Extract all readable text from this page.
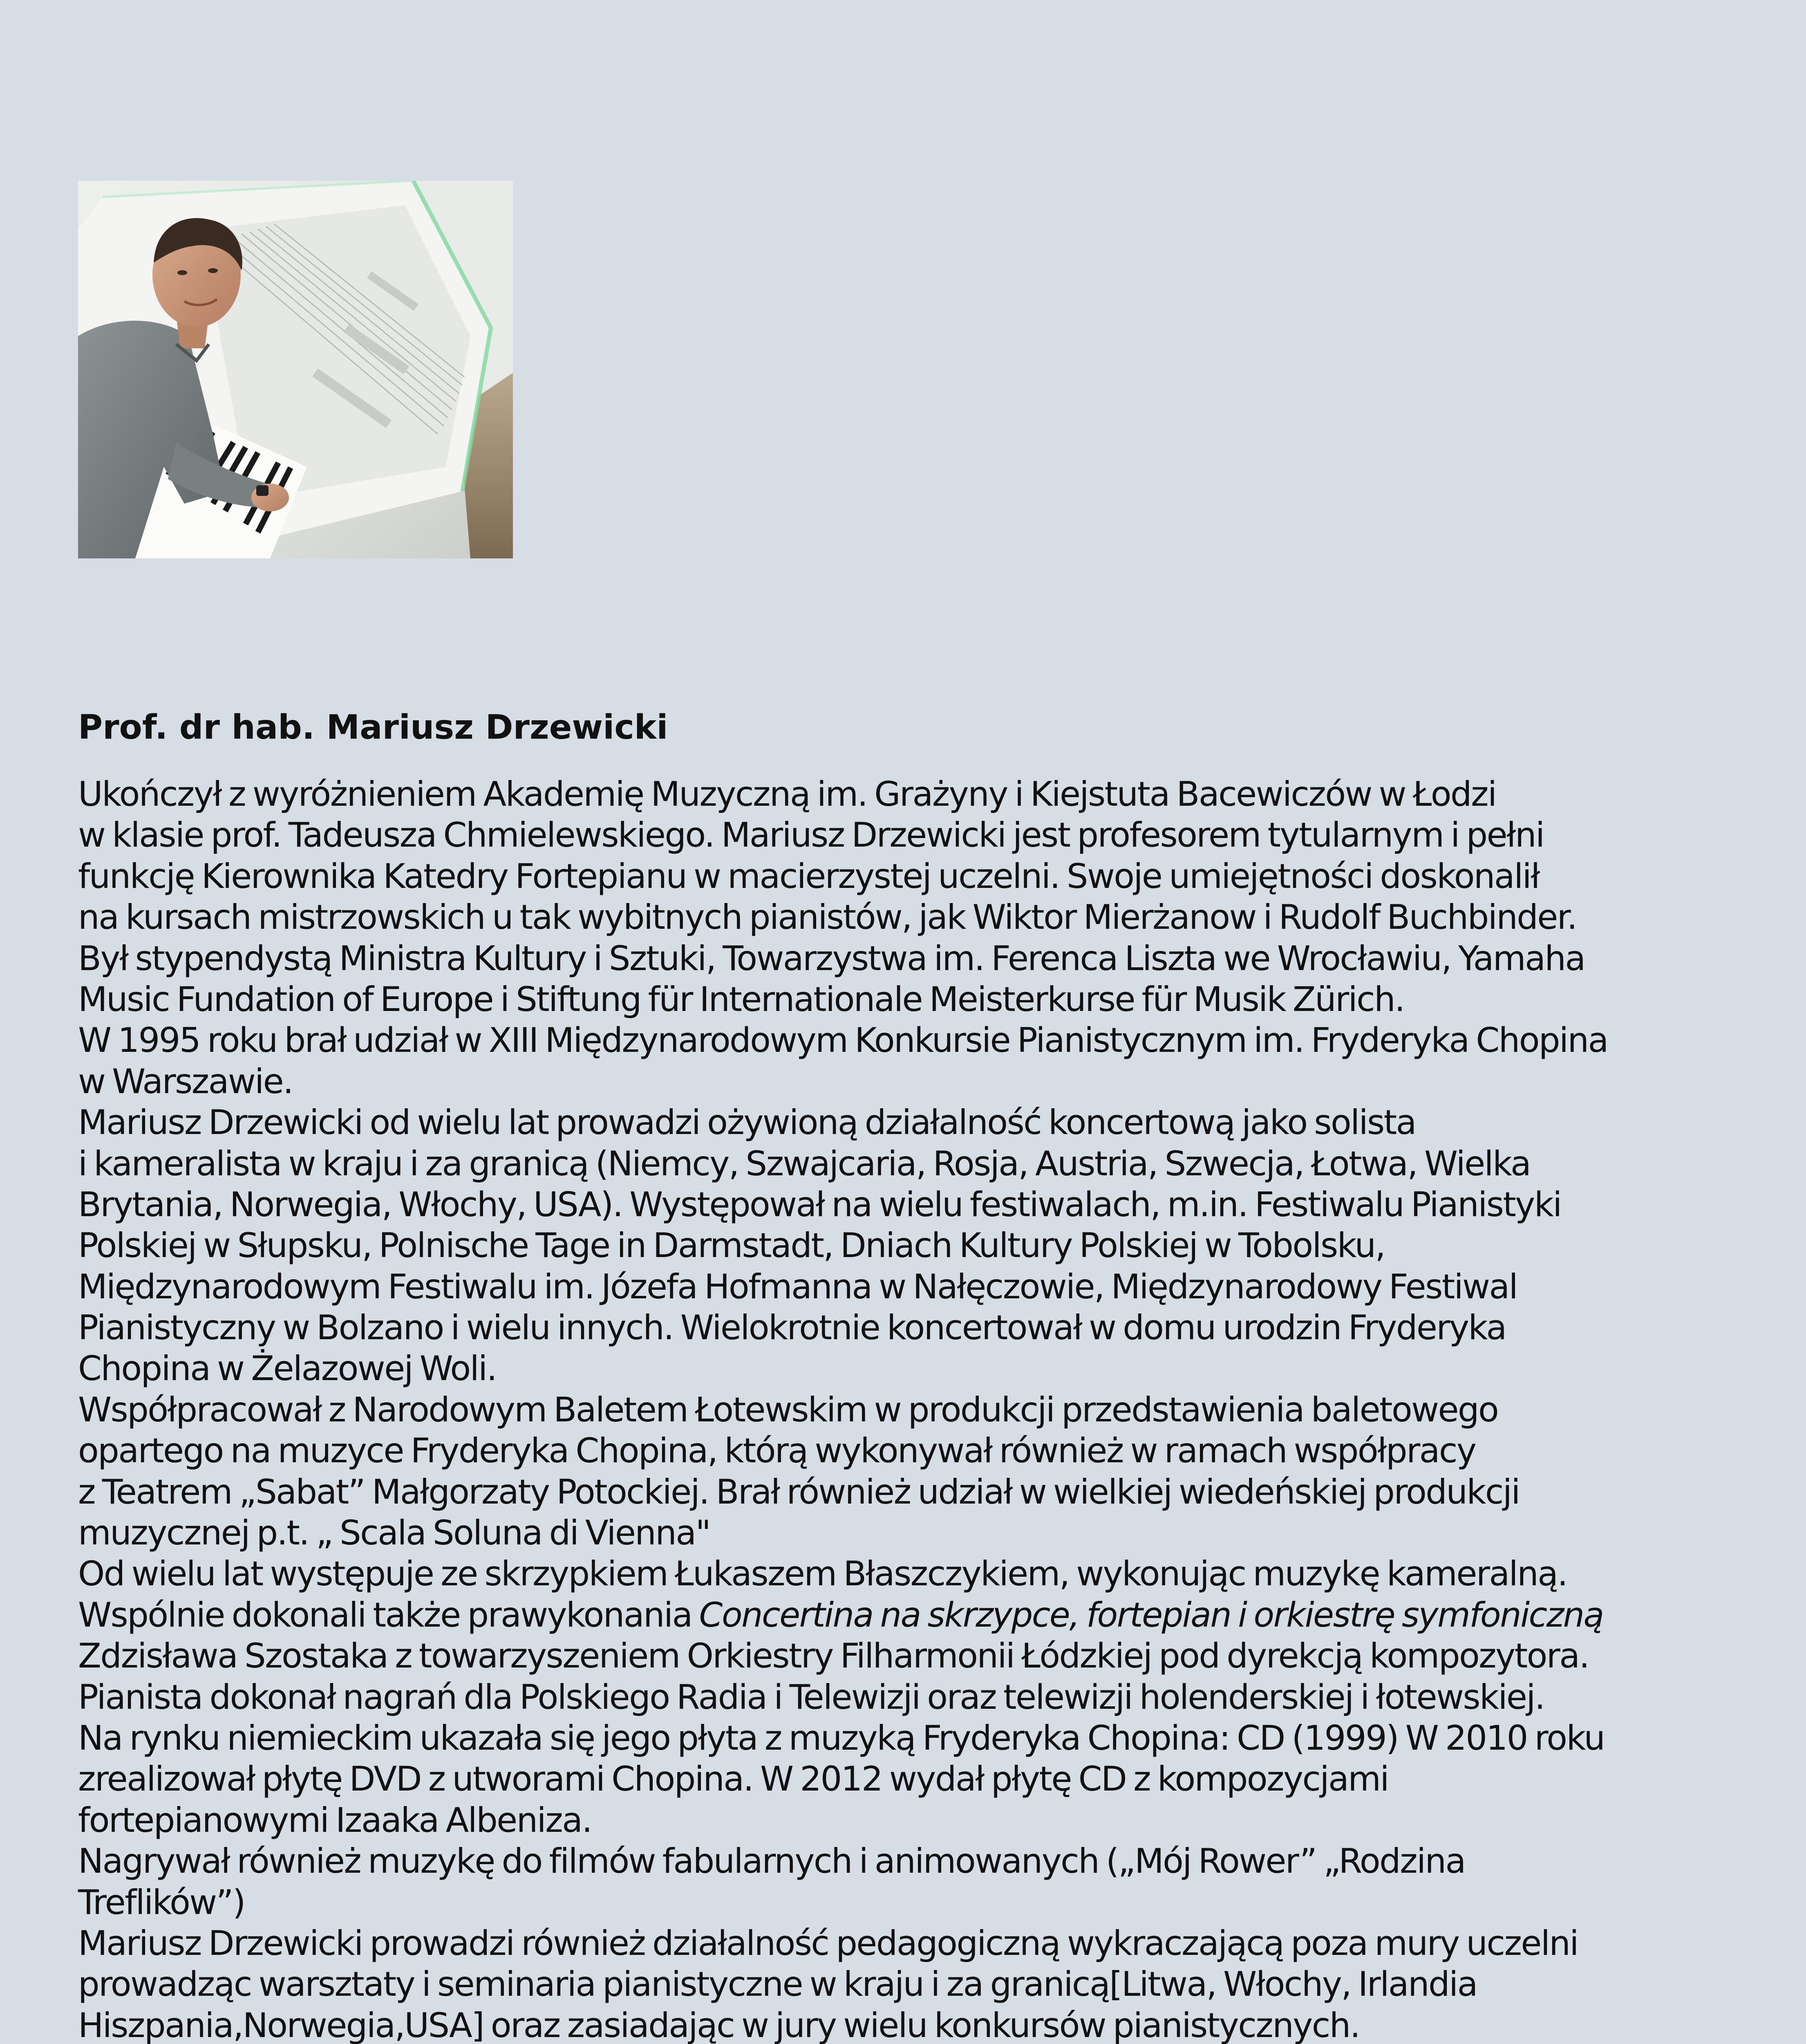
Prof. dr hab. Mariusz Drzewicki
Ukończył z wyróżnieniem Akademię Muzyczną im. Grażyny i Kiejstuta Bacewiczów w Łodzi
w klasie prof. Tadeusza Chmielewskiego. Mariusz Drzewicki jest profesorem tytularnym i pełni
funkcję Kierownika Katedry Fortepianu w macierzystej uczelni. Swoje umiejętności doskonalił
na kursach mistrzowskich u tak wybitnych pianistów, jak Wiktor Mierżanow i Rudolf Buchbinder.
Był stypendystą Ministra Kultury i Sztuki, Towarzystwa im. Ferenca Liszta we Wrocławiu, Yamaha
Music Fundation of Europe i Stiftung für Internationale Meisterkurse für Musik Zürich.
W 1995 roku brał udział w XIII Międzynarodowym Konkursie Pianistycznym im. Fryderyka Chopina
w Warszawie.
Mariusz Drzewicki od wielu lat prowadzi ożywioną działalność koncertową jako solista
i kameralista w kraju i za granicą (Niemcy, Szwajcaria, Rosja, Austria, Szwecja, Łotwa, Wielka
Brytania, Norwegia, Włochy, USA). Występował na wielu festiwalach, m.in. Festiwalu Pianistyki
Polskiej w Słupsku, Polnische Tage in Darmstadt, Dniach Kultury Polskiej w Tobolsku,
Międzynarodowym Festiwalu im. Józefa Hofmanna w Nałęczowie, Międzynarodowy Festiwal
Pianistyczny w Bolzano i wielu innych. Wielokrotnie koncertował w domu urodzin Fryderyka
Chopina w Żelazowej Woli.
Współpracował z Narodowym Baletem Łotewskim w produkcji przedstawienia baletowego
opartego na muzyce Fryderyka Chopina, którą wykonywał również w ramach współpracy
z Teatrem „Sabat” Małgorzaty Potockiej. Brał również udział w wielkiej wiedeńskiej produkcji
muzycznej p.t. „ Scala Soluna di Vienna"
Od wielu lat występuje ze skrzypkiem Łukaszem Błaszczykiem, wykonując muzykę kameralną.
Wspólnie dokonali także prawykonania Concertina na skrzypce, fortepian i orkiestrę symfoniczną
Zdzisława Szostaka z towarzyszeniem Orkiestry Filharmonii Łódzkiej pod dyrekcją kompozytora.
Pianista dokonał nagrań dla Polskiego Radia i Telewizji oraz telewizji holenderskiej i łotewskiej.
Na rynku niemieckim ukazała się jego płyta z muzyką Fryderyka Chopina: CD (1999) W 2010 roku
zrealizował płytę DVD z utworami Chopina. W 2012 wydał płytę CD z kompozycjami
fortepianowymi Izaaka Albeniza.
Nagrywał również muzykę do filmów fabularnych i animowanych („Mój Rower” „Rodzina
Treflików”)
Mariusz Drzewicki prowadzi również działalność pedagogiczną wykraczającą poza mury uczelni
prowadząc warsztaty i seminaria pianistyczne w kraju i za granicą[Litwa, Włochy, Irlandia
Hiszpania,Norwegia,USA] oraz zasiadając w jury wielu konkursów pianistycznych.
